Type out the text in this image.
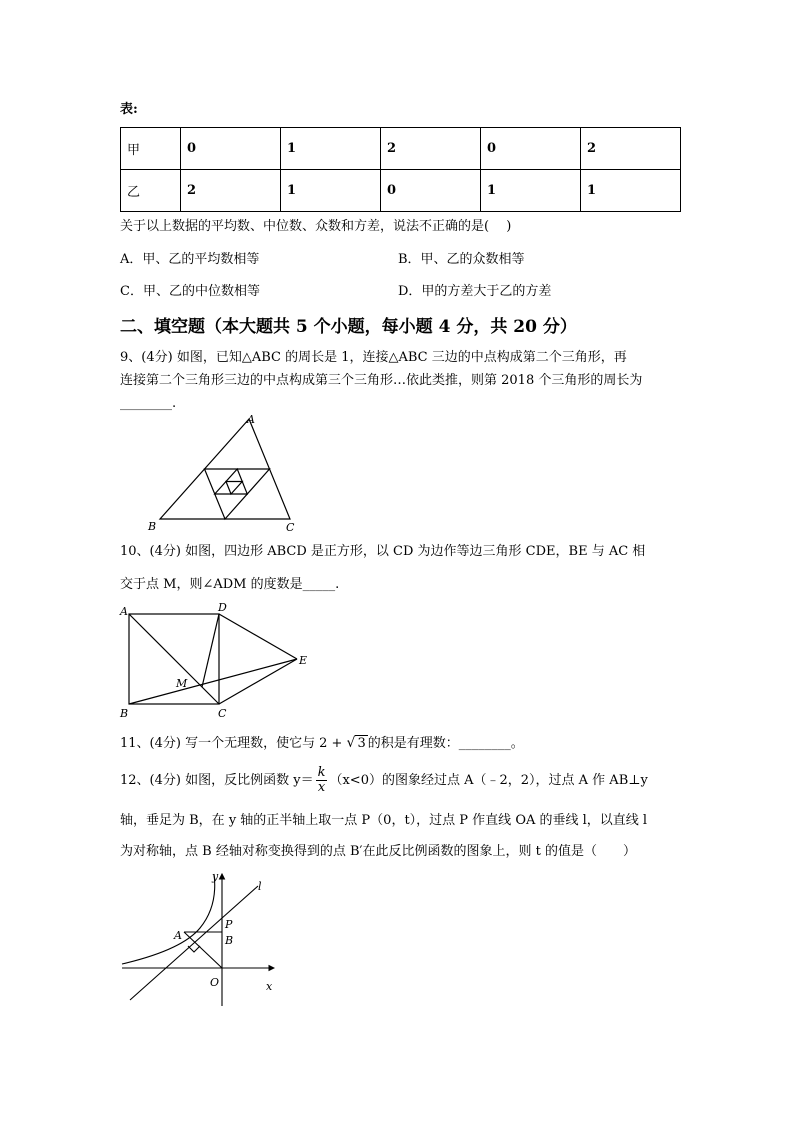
表:
甲	0	1	2	0	2
乙	2	1	0	1	1
关于以上数据的平均数、中位数、众数和方差，说法不正确的是(　 )
A．甲、乙的平均数相等	B．甲、乙的众数相等
C．甲、乙的中位数相等	D．甲的方差大于乙的方差
二、填空题（本大题共 5 个小题，每小题 4 分，共 20 分）
9、(4分) 如图，已知△ABC 的周长是 1，连接△ABC 三边的中点构成第二个三角形，再
连接第二个三角形三边的中点构成第三个三角形…依此类推，则第 2018 个三角形的周长为
________.
A
B	C
10、(4分) 如图，四边形 ABCD 是正方形，以 CD 为边作等边三角形 CDE，BE 与 AC 相
交于点 M，则∠ADM 的度数是_____.
A	D
E
M
B	C
11、(4分) 写一个无理数，使它与 2 + √ 3 的积是有理数：________。
12、(4分) 如图，反比例函数 $y= \frac{k}{x} (x<0)$的图象经过点 A（﹣2，2），过点 A 作 AB⊥y
轴，垂足为 B，在 y 轴的正半轴上取一点 P（0，t），过点 P 作直线 OA 的垂线 l，以直线 l
为对称轴，点 B 经轴对称变换得到的点 B′在此反比例函数的图象上，则 t 的值是（　　）
y
x
l
A	B
P
O
